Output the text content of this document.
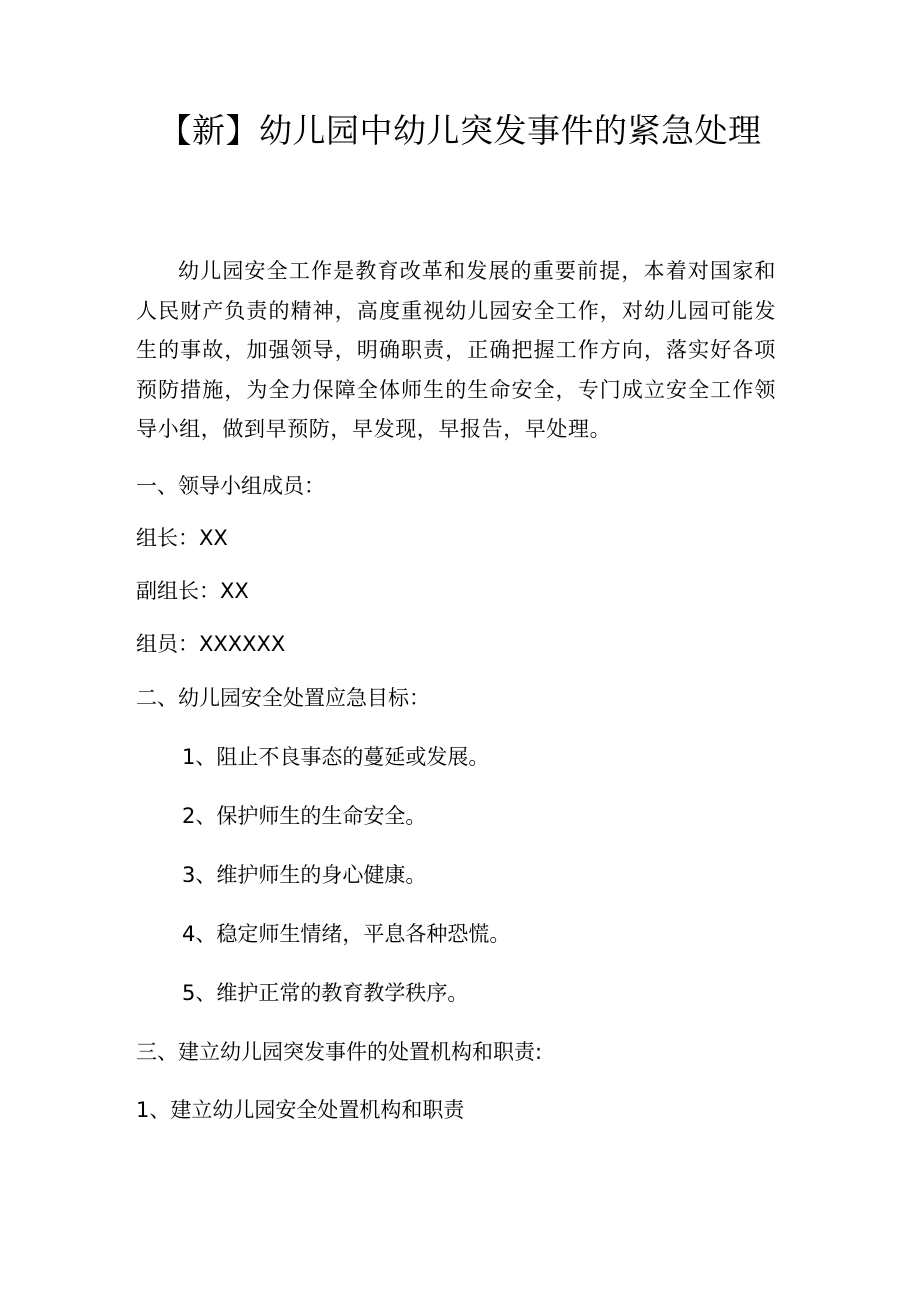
【新】幼儿园中幼儿突发事件的紧急处理

幼儿园安全工作是教育改革和发展的重要前提，本着对国家和人民财产负责的精神，高度重视幼儿园安全工作，对幼儿园可能发生的事故，加强领导，明确职责，正确把握工作方向，落实好各项预防措施，为全力保障全体师生的生命安全，专门成立安全工作领导小组，做到早预防，早发现，早报告，早处理。

一、领导小组成员：

组长：XX

副组长：XX

组员：XXXXXX

二、幼儿园安全处置应急目标：

1、阻止不良事态的蔓延或发展。

2、保护师生的生命安全。

3、维护师生的身心健康。

4、稳定师生情绪，平息各种恐慌。

5、维护正常的教育教学秩序。

三、建立幼儿园突发事件的处置机构和职责:

1、建立幼儿园安全处置机构和职责
